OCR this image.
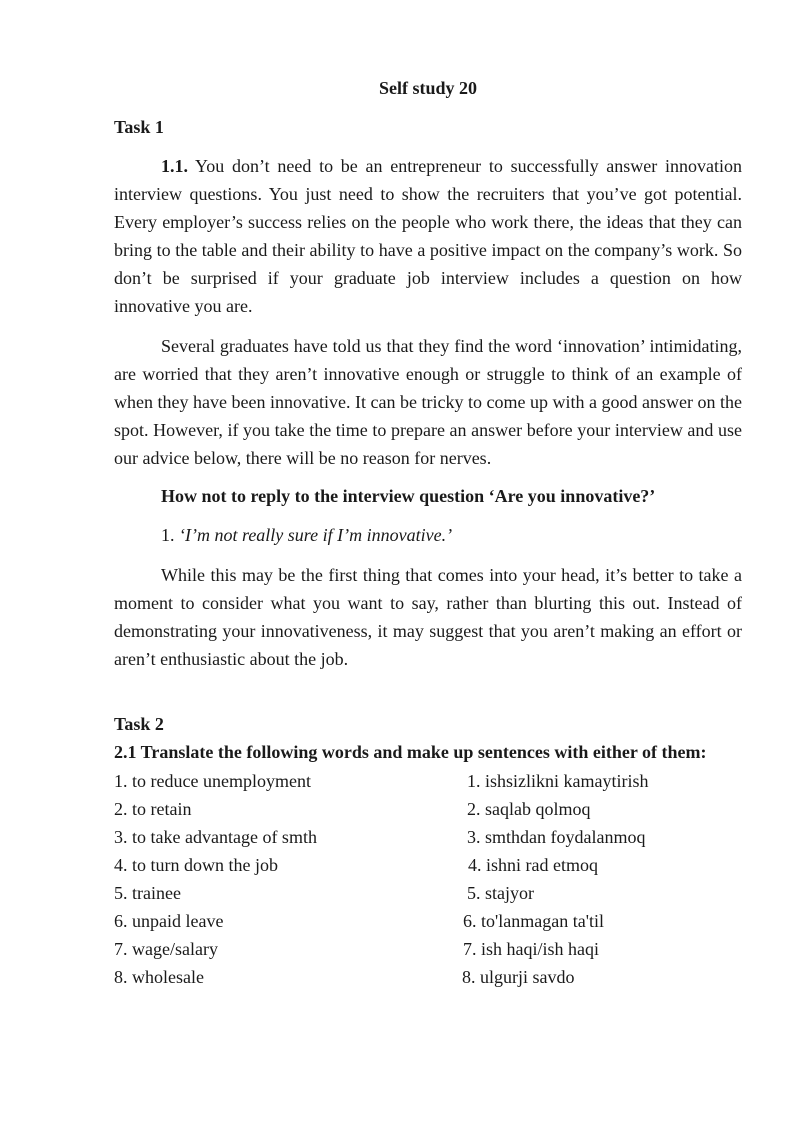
Self study 20
Task 1

1.1. You don’t need to be an entrepreneur to successfully answer innovation interview questions. You just need to show the recruiters that you’ve got potential. Every employer’s success relies on the people who work there, the ideas that they can bring to the table and their ability to have a positive impact on the company’s work. So don’t be surprised if your graduate job interview includes a question on how innovative you are.

Several graduates have told us that they find the word ‘innovation’ intimidating, are worried that they aren’t innovative enough or struggle to think of an example of when they have been innovative. It can be tricky to come up with a good answer on the spot. However, if you take the time to prepare an answer before your interview and use our advice below, there will be no reason for nerves.

How not to reply to the interview question ‘Are you innovative?’
1. ‘I’m not really sure if I’m innovative.’

While this may be the first thing that comes into your head, it’s better to take a moment to consider what you want to say, rather than blurting this out. Instead of demonstrating your innovativeness, it may suggest that you aren’t making an effort or aren’t enthusiastic about the job.

Task 2
2.1 Translate the following words and make up sentences with either of them:
1. to reduce unemployment
2. to retain
3. to take advantage of smth
4. to turn down the job
5. trainee
6. unpaid leave
7. wage/salary
8. wholesale
1. ishsizlikni kamaytirish
2. saqlab qolmoq
3. smthdan foydalanmoq
4. ishni rad etmoq
5. stajyor
6. to'lanmagan ta'til
7. ish haqi/ish haqi
8. ulgurji savdo
